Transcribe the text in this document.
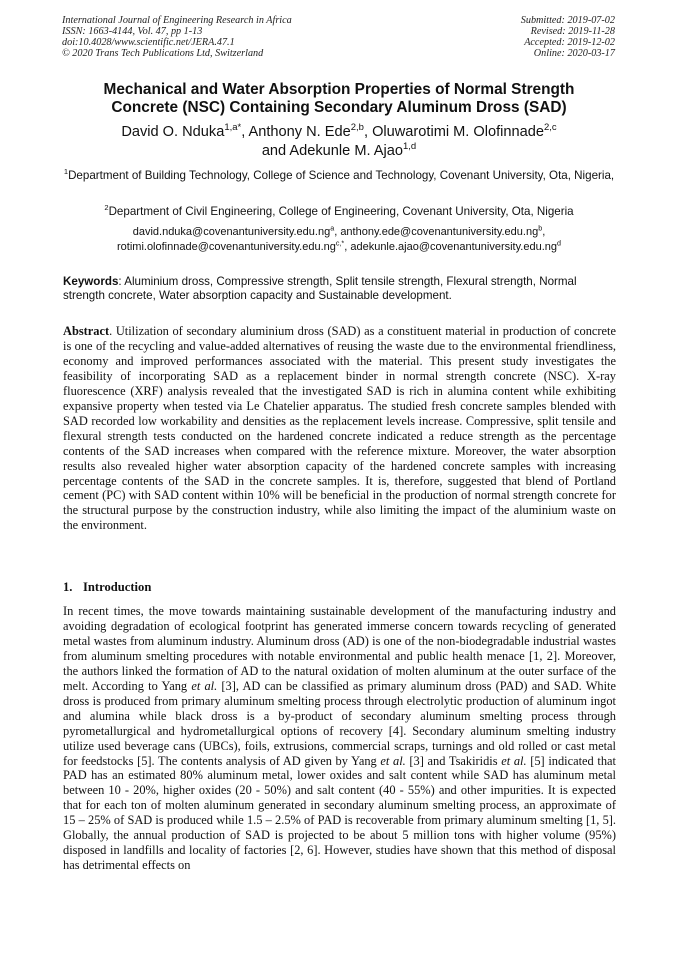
International Journal of Engineering Research in Africa
ISSN: 1663-4144, Vol. 47, pp 1-13
doi:10.4028/www.scientific.net/JERA.47.1
© 2020 Trans Tech Publications Ltd, Switzerland
Submitted: 2019-07-02
Revised: 2019-11-28
Accepted: 2019-12-02
Online: 2020-03-17
Mechanical and Water Absorption Properties of Normal Strength
Concrete (NSC) Containing Secondary Aluminum Dross (SAD)
David O. Nduka$^{1,a*}$, Anthony N. Ede$^{2,b}$, Oluwarotimi M. Olofinnade$^{2,c}$
and Adekunle M. Ajao$^{1,d}$
$^1$Department of Building Technology, College of Science and Technology, Covenant University, Ota, Nigeria,
$^2$Department of Civil Engineering, College of Engineering, Covenant University, Ota, Nigeria
$david.nduka@covenantuniversity.edu.ng^a$, $anthony.ede@covenantuniversity.edu.ng^b$,
$rotimi.olofinnade@covenantuniversity.edu.ng^{c,*}$, $adekunle.ajao@covenantuniversity.edu.ng^d$
Keywords: Aluminium dross, Compressive strength, Split tensile strength, Flexural strength, Normal strength concrete, Water absorption capacity and Sustainable development.
Abstract. Utilization of secondary aluminium dross (SAD) as a constituent material in production of concrete is one of the recycling and value-added alternatives of reusing the waste due to the environmental friendliness, economy and improved performances associated with the material. This present study investigates the feasibility of incorporating SAD as a replacement binder in normal strength concrete (NSC). X-ray fluorescence (XRF) analysis revealed that the investigated SAD is rich in alumina content while exhibiting expansive property when tested via Le Chatelier apparatus. The studied fresh concrete samples blended with SAD recorded low workability and densities as the replacement levels increase. Compressive, split tensile and flexural strength tests conducted on the hardened concrete indicated a reduce strength as the percentage contents of the SAD increases when compared with the reference mixture. Moreover, the water absorption results also revealed higher water absorption capacity of the hardened concrete samples with increasing percentage contents of the SAD in the concrete samples. It is, therefore, suggested that blend of Portland cement (PC) with SAD content within 10% will be beneficial in the production of normal strength concrete for the structural purpose by the construction industry, while also limiting the impact of the aluminium waste on the environment.
1. Introduction
In recent times, the move towards maintaining sustainable development of the manufacturing industry and avoiding degradation of ecological footprint has generated immerse concern towards recycling of generated metal wastes from aluminum industry. Aluminum dross (AD) is one of the non-biodegradable industrial wastes from aluminum smelting procedures with notable environmental and public health menace [1, 2]. Moreover, the authors linked the formation of AD to the natural oxidation of molten aluminum at the outer surface of the melt. According to Yang et al. [3], AD can be classified as primary aluminum dross (PAD) and SAD. White dross is produced from primary aluminum smelting process through electrolytic production of aluminum ingot and alumina while black dross is a by-product of secondary aluminum smelting process through pyrometallurgical and hydrometallurgical options of recovery [4]. Secondary aluminum smelting industry utilize used beverage cans (UBCs), foils, extrusions, commercial scraps, turnings and old rolled or cast metal for feedstocks [5]. The contents analysis of AD given by Yang et al. [3] and Tsakiridis et al. [5] indicated that PAD has an estimated 80% aluminum metal, lower oxides and salt content while SAD has aluminum metal between 10 - 20%, higher oxides (20 - 50%) and salt content (40 - 55%) and other impurities. It is expected that for each ton of molten aluminum generated in secondary aluminum smelting process, an approximate of 15 – 25% of SAD is produced while 1.5 – 2.5% of PAD is recoverable from primary aluminum smelting [1, 5]. Globally, the annual production of SAD is projected to be about 5 million tons with higher volume (95%) disposed in landfills and locality of factories [2, 6]. However, studies have shown that this method of disposal has detrimental effects on
